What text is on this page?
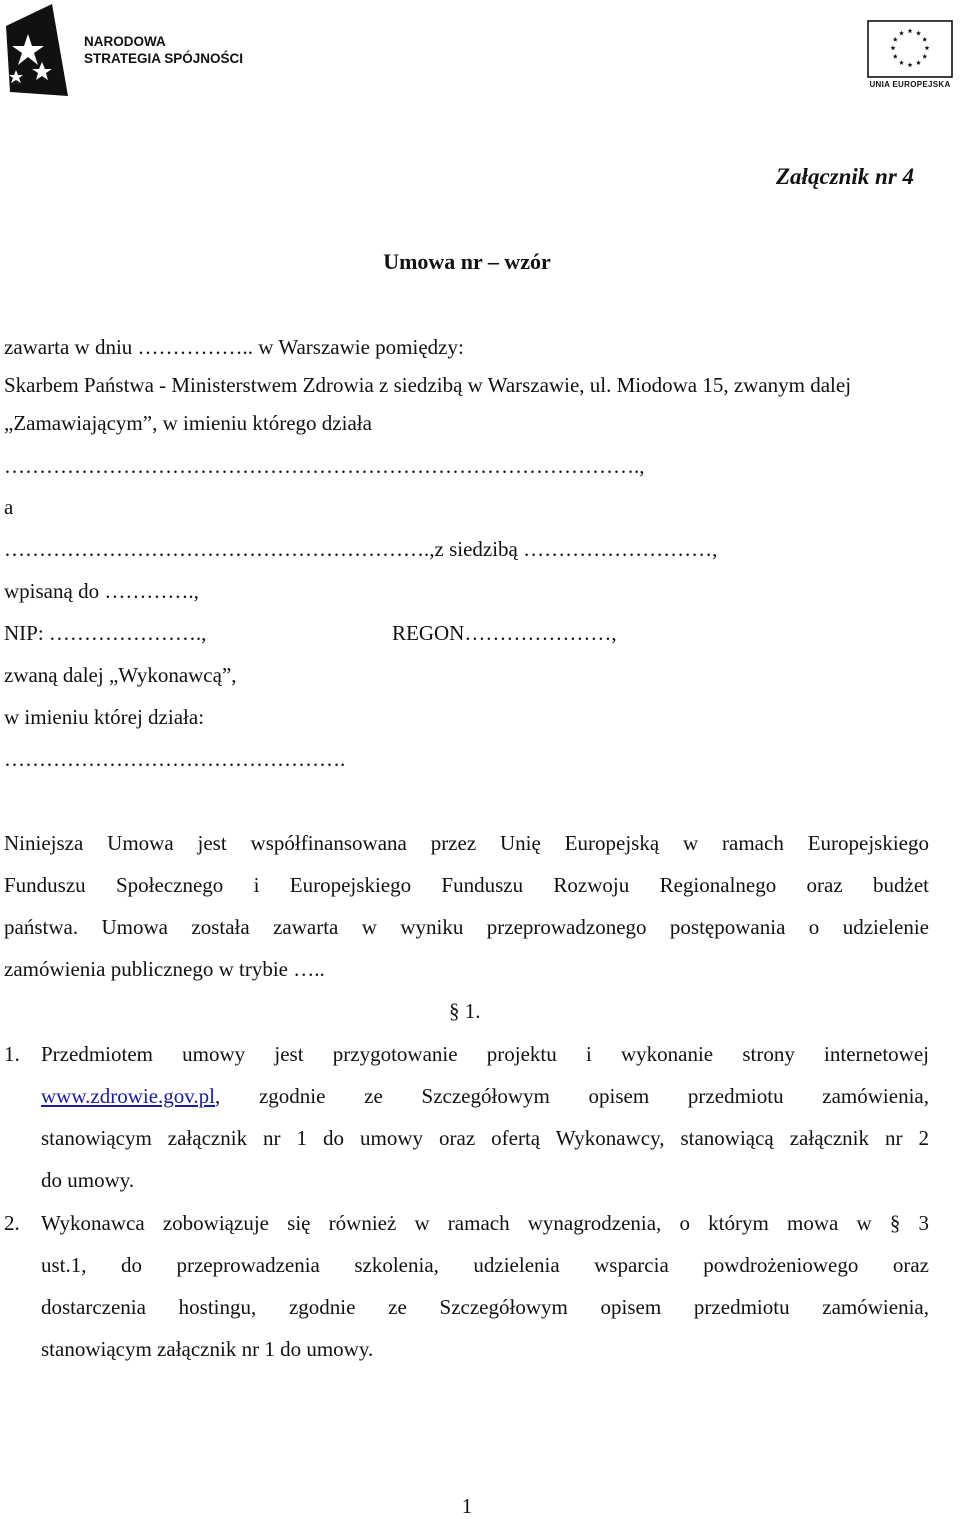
NARODOWA
STRATEGIA SPÓJNOŚCI
UNIA EUROPEJSKA
Załącznik nr 4
Umowa nr – wzór
zawarta w dniu …………….. w Warszawie pomiędzy:
Skarbem Państwa - Ministerstwem Zdrowia z siedzibą w Warszawie, ul. Miodowa 15, zwanym dalej
„Zamawiającym”, w imieniu którego działa
……………………………………………………………………………….,
a
…………………………………………………….,z siedzibą ………………………,
wpisaną do ………….,
NIP: ………………….,	REGON…………………,
zwaną dalej „Wykonawcą”,
w imieniu której działa:
………………………………………….
Niniejsza Umowa jest współfinansowana przez Unię Europejską w ramach Europejskiego
Funduszu Społecznego i Europejskiego Funduszu Rozwoju Regionalnego oraz budżet
państwa. Umowa została zawarta w wyniku przeprowadzonego postępowania o udzielenie
zamówienia publicznego w trybie …..
§ 1.
1. Przedmiotem umowy jest przygotowanie projektu i wykonanie strony internetowej
www.zdrowie.gov.pl, zgodnie ze Szczegółowym opisem przedmiotu zamówienia,
stanowiącym załącznik nr 1 do umowy oraz ofertą Wykonawcy, stanowiącą załącznik nr 2
do umowy.
2. Wykonawca zobowiązuje się również w ramach wynagrodzenia, o którym mowa w § 3
ust.1, do przeprowadzenia szkolenia, udzielenia wsparcia powdrożeniowego oraz
dostarczenia hostingu, zgodnie ze Szczegółowym opisem przedmiotu zamówienia,
stanowiącym załącznik nr 1 do umowy.
1
